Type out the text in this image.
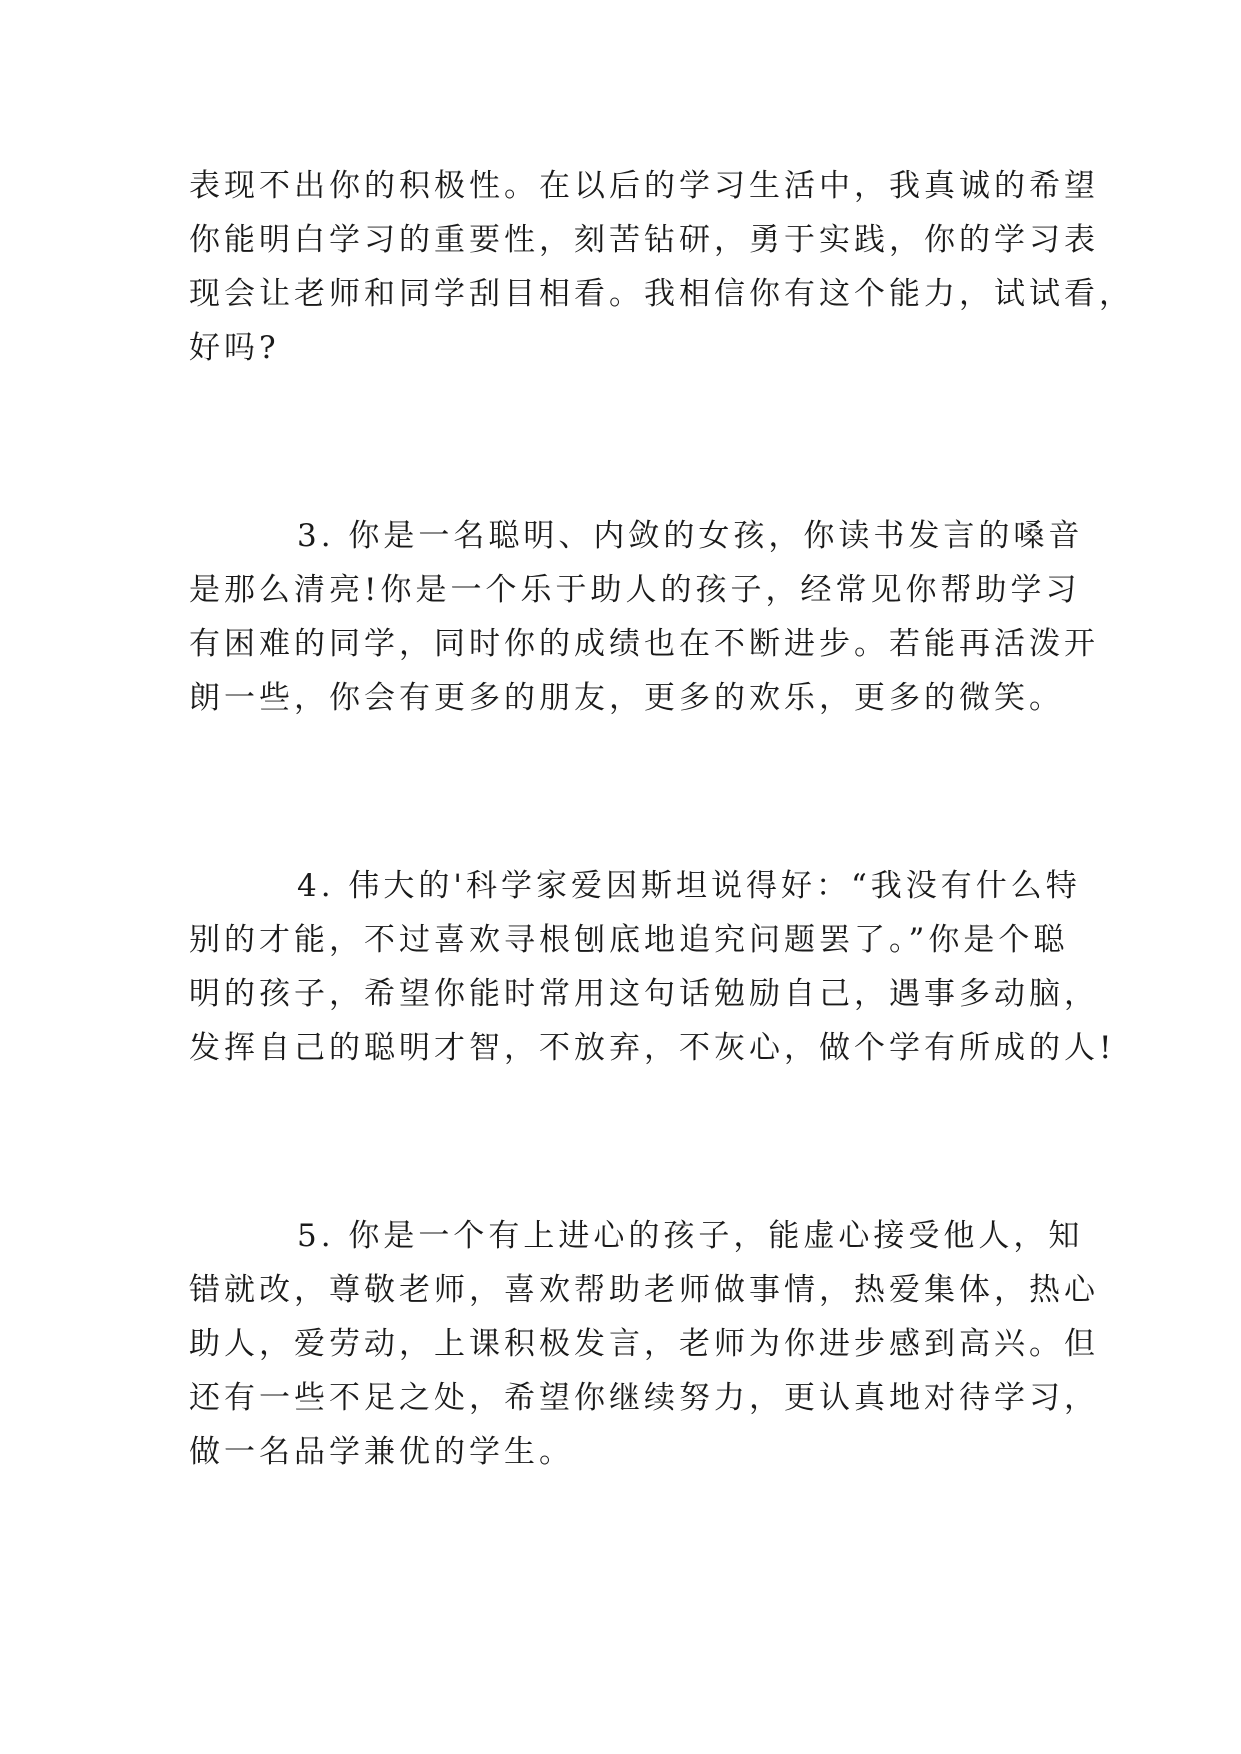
表现不出你的积极性。在以后的学习生活中，我真诚的希望
你能明白学习的重要性，刻苦钻研，勇于实践，你的学习表
现会让老师和同学刮目相看。我相信你有这个能力，试试看，
好吗?
3. 你是一名聪明、内敛的女孩，你读书发言的嗓音
是那么清亮!你是一个乐于助人的孩子，经常见你帮助学习
有困难的同学，同时你的成绩也在不断进步。若能再活泼开
朗一些，你会有更多的朋友，更多的欢乐，更多的微笑。
4. 伟大的'科学家爱因斯坦说得好：“我没有什么特
别的才能，不过喜欢寻根刨底地追究问题罢了。”你是个聪
明的孩子，希望你能时常用这句话勉励自己，遇事多动脑，
发挥自己的聪明才智，不放弃，不灰心，做个学有所成的人!
5. 你是一个有上进心的孩子，能虚心接受他人，知
错就改，尊敬老师，喜欢帮助老师做事情，热爱集体，热心
助人，爱劳动，上课积极发言，老师为你进步感到高兴。但
还有一些不足之处，希望你继续努力，更认真地对待学习，
做一名品学兼优的学生。
